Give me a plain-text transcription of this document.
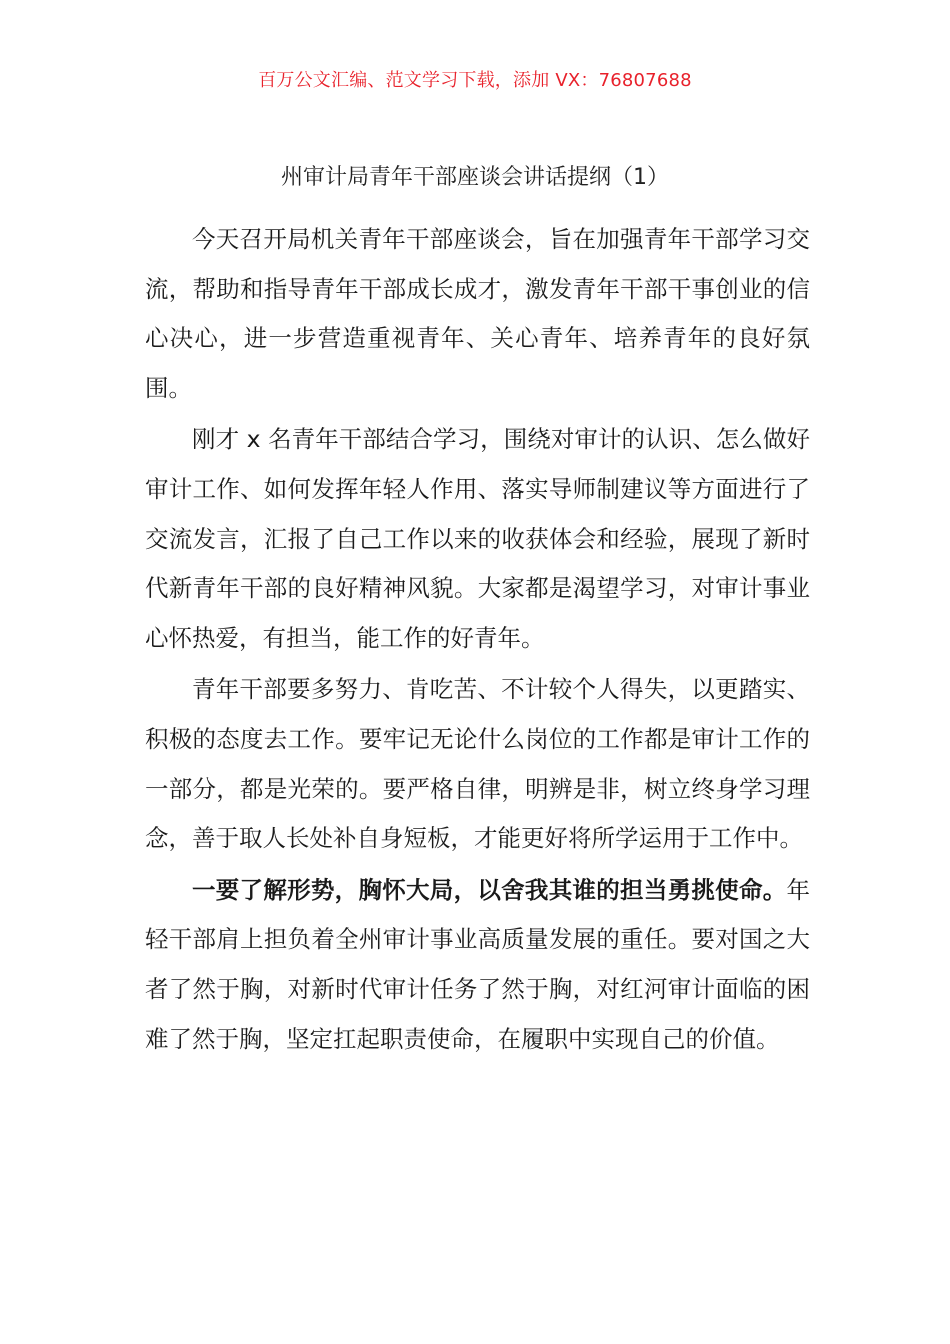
百万公文汇编、范文学习下载，添加 VX：76807688
州审计局青年干部座谈会讲话提纲（1）

今天召开局机关青年干部座谈会，旨在加强青年干部学习交流，帮助和指导青年干部成长成才，激发青年干部干事创业的信心决心，进一步营造重视青年、关心青年、培养青年的良好氛围。

刚才 x 名青年干部结合学习，围绕对审计的认识、怎么做好审计工作、如何发挥年轻人作用、落实导师制建议等方面进行了交流发言，汇报了自己工作以来的收获体会和经验，展现了新时代新青年干部的良好精神风貌。大家都是渴望学习，对审计事业心怀热爱，有担当，能工作的好青年。

青年干部要多努力、肯吃苦、不计较个人得失，以更踏实、积极的态度去工作。要牢记无论什么岗位的工作都是审计工作的一部分，都是光荣的。要严格自律，明辨是非，树立终身学习理念，善于取人长处补自身短板，才能更好将所学运用于工作中。

一要了解形势，胸怀大局，以舍我其谁的担当勇挑使命。年轻干部肩上担负着全州审计事业高质量发展的重任。要对国之大者了然于胸，对新时代审计任务了然于胸，对红河审计面临的困难了然于胸，坚定扛起职责使命，在履职中实现自己的价值。
